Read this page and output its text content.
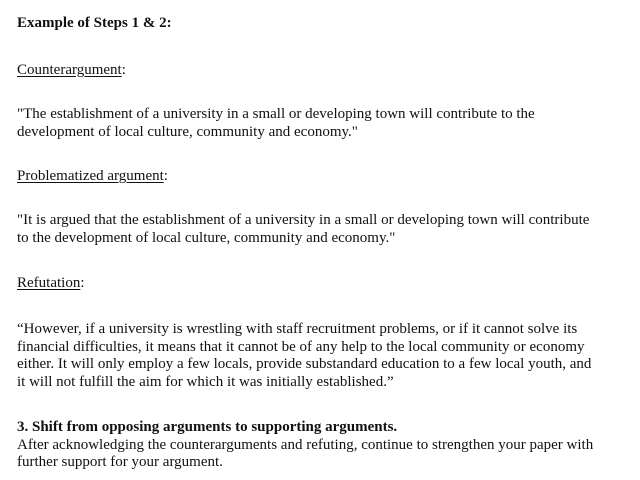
Example of Steps 1 & 2:
Counterargument:
"The establishment of a university in a small or developing town will contribute to the
development of local culture, community and economy."
Problematized argument:
"It is argued that the establishment of a university in a small or developing town will contribute
to the development of local culture, community and economy."
Refutation:
“However, if a university is wrestling with staff recruitment problems, or if it cannot solve its
financial difficulties, it means that it cannot be of any help to the local community or economy
either. It will only employ a few locals, provide substandard education to a few local youth, and
it will not fulfill the aim for which it was initially established.”
3. Shift from opposing arguments to supporting arguments.
After acknowledging the counterarguments and refuting, continue to strengthen your paper with
further support for your argument.
